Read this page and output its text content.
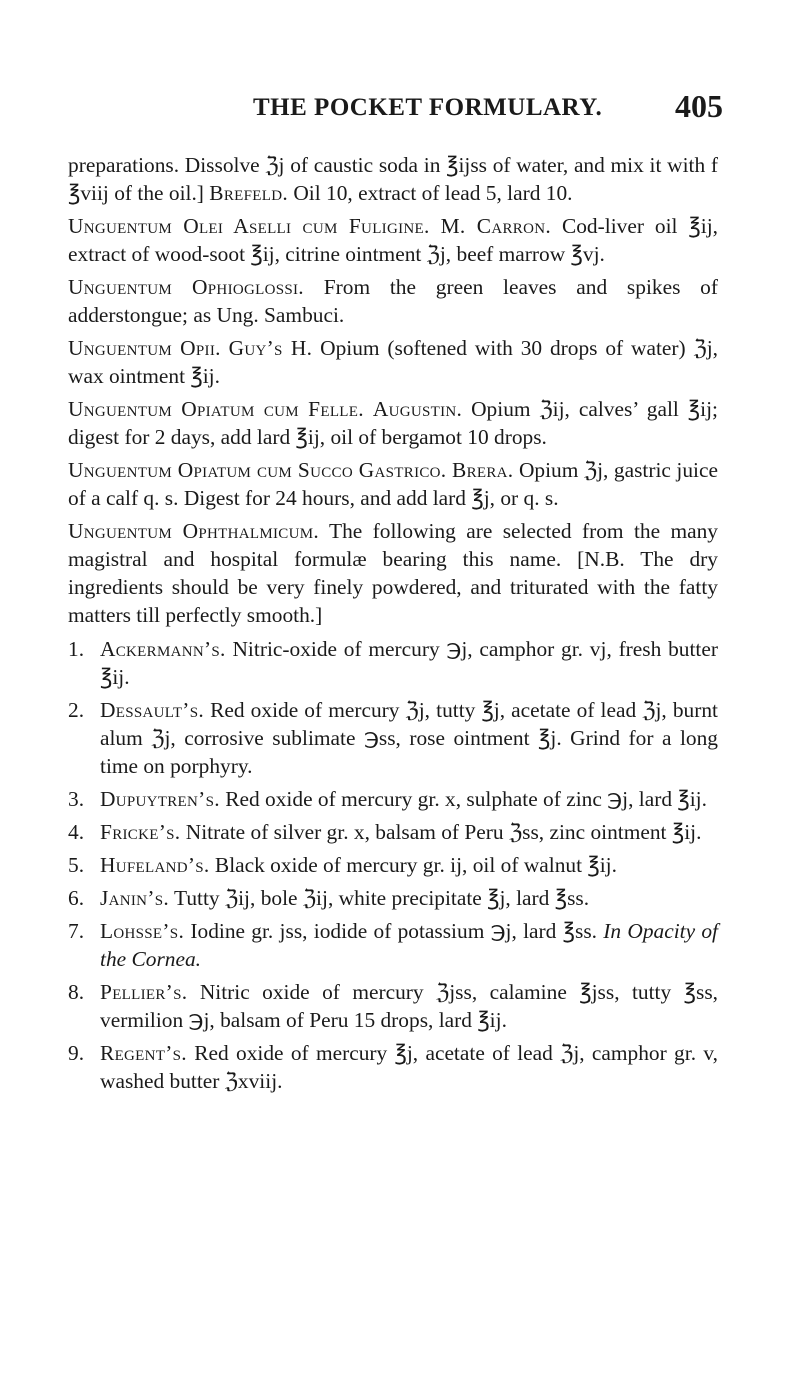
THE POCKET FORMULARY. 405

preparations. Dissolve ℨj of caustic soda in ℥ijss of water, and mix it with f ℥viij of the oil.] Brefeld. Oil 10, extract of lead 5, lard 10.

Unguentum Olei Aselli cum Fuligine. M. Carron. Cod-liver oil ℥ij, extract of wood-soot ℥ij, citrine ointment ℨj, beef marrow ℥vj.

Unguentum Ophioglossi. From the green leaves and spikes of adderstongue; as Ung. Sambuci.

Unguentum Opii. Guy’s H. Opium (softened with 30 drops of water) ℨj, wax ointment ℥ij.

Unguentum Opiatum cum Felle. Augustin. Opium ℨij, calves’ gall ℥ij; digest for 2 days, add lard ℥ij, oil of bergamot 10 drops.

Unguentum Opiatum cum Succo Gastrico. Brera. Opium ℨj, gastric juice of a calf q. s. Digest for 24 hours, and add lard ℥j, or q. s.

Unguentum Ophthalmicum. The following are selected from the many magistral and hospital formulæ bearing this name. [N.B. The dry ingredients should be very finely powdered, and triturated with the fatty matters till perfectly smooth.]

1. Ackermann’s. Nitric-oxide of mercury ℈j, camphor gr. vj, fresh butter ℥ij.

2. Dessault’s. Red oxide of mercury ℨj, tutty ℥j, acetate of lead ℨj, burnt alum ℨj, corrosive sublimate ℈ss, rose ointment ℥j. Grind for a long time on porphyry.

3. Dupuytren’s. Red oxide of mercury gr. x, sulphate of zinc ℈j, lard ℥ij.

4. Fricke’s. Nitrate of silver gr. x, balsam of Peru ℨss, zinc ointment ℥ij.

5. Hufeland’s. Black oxide of mercury gr. ij, oil of walnut ℥ij.

6. Janin’s. Tutty ℨij, bole ℨij, white precipitate ℥j, lard ℥ss.

7. Lohsse’s. Iodine gr. jss, iodide of potassium ℈j, lard ℥ss. In Opacity of the Cornea.

8. Pellier’s. Nitric oxide of mercury ℨjss, calamine ℥jss, tutty ℥ss, vermilion ℈j, balsam of Peru 15 drops, lard ℥ij.

9. Regent’s. Red oxide of mercury ℥j, acetate of lead ℨj, camphor gr. v, washed butter ℨxviij.
